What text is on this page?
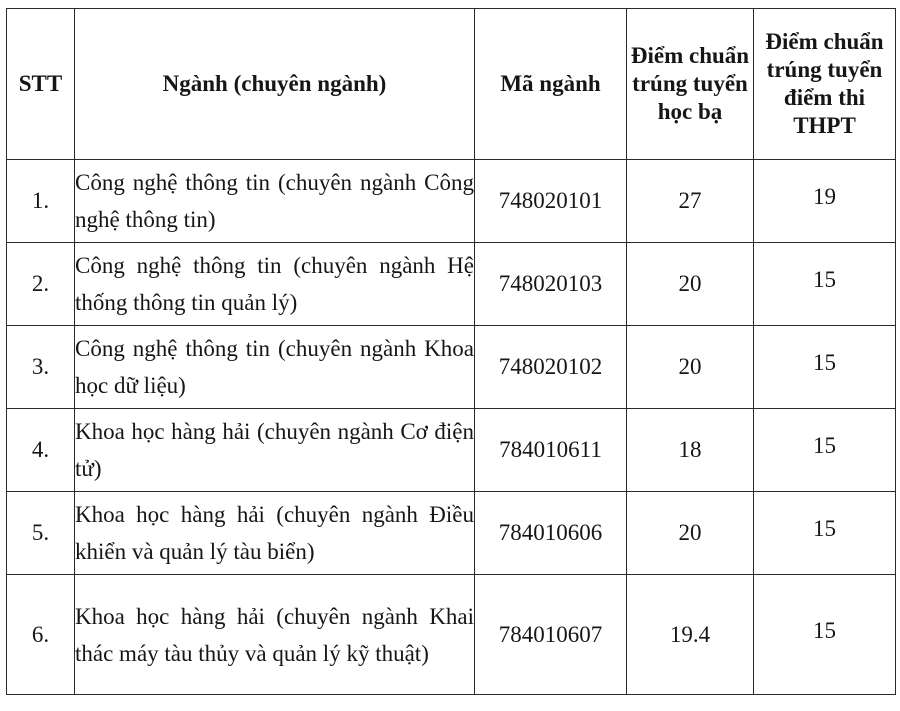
STT	Ngành (chuyên ngành)	Mã ngành	Điểm chuẩn trúng tuyển học bạ	Điểm chuẩn trúng tuyển điểm thi THPT
1.	Công nghệ thông tin (chuyên ngành Công nghệ thông tin)	748020101	27	19
2.	Công nghệ thông tin (chuyên ngành Hệ thống thông tin quản lý)	748020103	20	15
3.	Công nghệ thông tin (chuyên ngành Khoa học dữ liệu)	748020102	20	15
4.	Khoa học hàng hải (chuyên ngành Cơ điện tử)	784010611	18	15
5.	Khoa học hàng hải (chuyên ngành Điều khiển và quản lý tàu biển)	784010606	20	15
6.	Khoa học hàng hải (chuyên ngành Khai thác máy tàu thủy và quản lý kỹ thuật)	784010607	19.4	15
